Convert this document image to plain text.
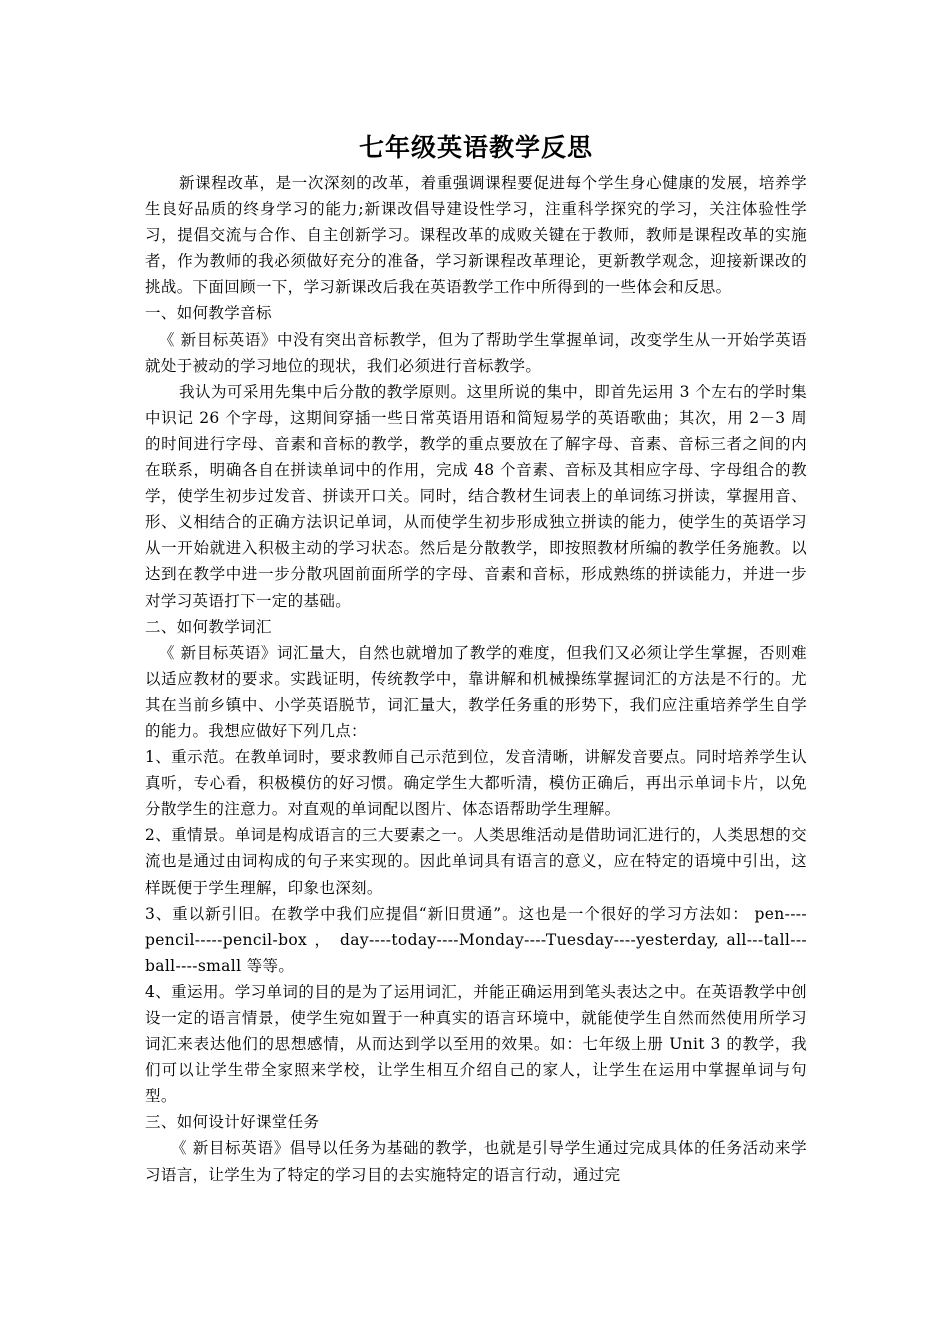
七年级英语教学反思

新课程改革，是一次深刻的改革，着重强调课程要促进每个学生身心健康的发展，培养学生良好品质的终身学习的能力;新课改倡导建设性学习，注重科学探究的学习，关注体验性学习，提倡交流与合作、自主创新学习。课程改革的成败关键在于教师，教师是课程改革的实施者，作为教师的我必须做好充分的准备，学习新课程改革理论，更新教学观念，迎接新课改的挑战。下面回顾一下，学习新课改后我在英语教学工作中所得到的一些体会和反思。

一、如何教学音标

《 新目标英语》中没有突出音标教学，但为了帮助学生掌握单词，改变学生从一开始学英语就处于被动的学习地位的现状，我们必须进行音标教学。

我认为可采用先集中后分散的教学原则。这里所说的集中，即首先运用 3 个左右的学时集中识记 26 个字母，这期间穿插一些日常英语用语和简短易学的英语歌曲；其次，用 2－3 周的时间进行字母、音素和音标的教学，教学的重点要放在了解字母、音素、音标三者之间的内在联系，明确各自在拼读单词中的作用，完成 48 个音素、音标及其相应字母、字母组合的教学，使学生初步过发音、拼读开口关。同时，结合教材生词表上的单词练习拼读，掌握用音、形、义相结合的正确方法识记单词，从而使学生初步形成独立拼读的能力，使学生的英语学习从一开始就进入积极主动的学习状态。然后是分散教学，即按照教材所编的教学任务施教。以达到在教学中进一步分散巩固前面所学的字母、音素和音标，形成熟练的拼读能力，并进一步对学习英语打下一定的基础。

二、如何教学词汇

《 新目标英语》词汇量大，自然也就增加了教学的难度，但我们又必须让学生掌握，否则难以适应教材的要求。实践证明，传统教学中，靠讲解和机械操练掌握词汇的方法是不行的。尤其在当前乡镇中、小学英语脱节，词汇量大，教学任务重的形势下，我们应注重培养学生自学的能力。我想应做好下列几点：

1、重示范。在教单词时，要求教师自己示范到位，发音清晰，讲解发音要点。同时培养学生认真听，专心看，积极模仿的好习惯。确定学生大都听清，模仿正确后，再出示单词卡片，以免分散学生的注意力。对直观的单词配以图片、体态语帮助学生理解。

2、重情景。单词是构成语言的三大要素之一。人类思维活动是借助词汇进行的，人类思想的交流也是通过由词构成的句子来实现的。因此单词具有语言的意义，应在特定的语境中引出，这样既便于学生理解，印象也深刻。

3、重以新引旧。在教学中我们应提倡“新旧贯通”。这也是一个很好的学习方法如： pen----pencil-----pencil-box ， day----today----Monday----Tuesday----yesterday, all---tall---ball----small 等等。

4、重运用。学习单词的目的是为了运用词汇，并能正确运用到笔头表达之中。在英语教学中创设一定的语言情景，使学生宛如置于一种真实的语言环境中，就能使学生自然而然使用所学习词汇来表达他们的思想感情，从而达到学以至用的效果。如：七年级上册 Unit 3 的教学，我们可以让学生带全家照来学校，让学生相互介绍自己的家人，让学生在运用中掌握单词与句型。

三、如何设计好课堂任务

《 新目标英语》倡导以任务为基础的教学，也就是引导学生通过完成具体的任务活动来学习语言，让学生为了特定的学习目的去实施特定的语言行动，通过完
